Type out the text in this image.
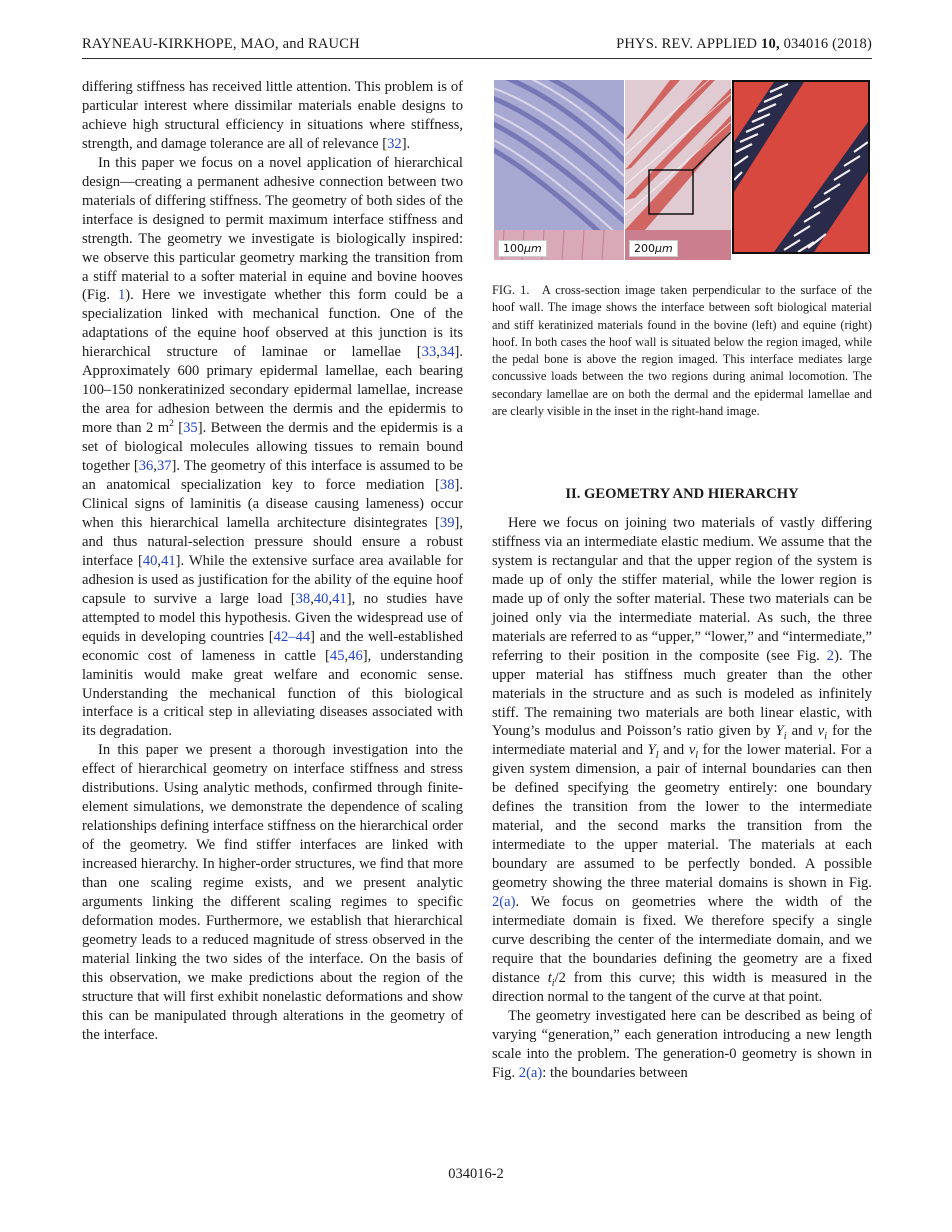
RAYNEAU-KIRKHOPE, MAO, and RAUCH	PHYS. REV. APPLIED 10, 034016 (2018)

differing stiffness has received little attention. This problem is of particular interest where dissimilar materials enable designs to achieve high structural efficiency in situations where stiffness, strength, and damage tolerance are all of relevance [32].

In this paper we focus on a novel application of hierarchical design—creating a permanent adhesive connection between two materials of differing stiffness. The geometry of both sides of the interface is designed to permit maximum interface stiffness and strength. The geometry we investigate is biologically inspired: we observe this particular geometry marking the transition from a stiff material to a softer material in equine and bovine hooves (Fig. 1). Here we investigate whether this form could be a specialization linked with mechanical function. One of the adaptations of the equine hoof observed at this junction is its hierarchical structure of laminae or lamellae [33,34]. Approximately 600 primary epidermal lamellae, each bearing 100–150 nonkeratinized secondary epidermal lamellae, increase the area for adhesion between the dermis and the epidermis to more than 2 $m^2$ [35]. Between the dermis and the epidermis is a set of biological molecules allowing tissues to remain bound together [36,37]. The geometry of this interface is assumed to be an anatomical specialization key to force mediation [38]. Clinical signs of laminitis (a disease causing lameness) occur when this hierarchical lamella architecture disintegrates [39], and thus natural-selection pressure should ensure a robust interface [40,41]. While the extensive surface area available for adhesion is used as justification for the ability of the equine hoof capsule to survive a large load [38,40,41], no studies have attempted to model this hypothesis. Given the widespread use of equids in developing countries [42–44] and the well-established economic cost of lameness in cattle [45,46], understanding laminitis would make great welfare and economic sense. Understanding the mechanical function of this biological interface is a critical step in alleviating diseases associated with its degradation.

In this paper we present a thorough investigation into the effect of hierarchical geometry on interface stiffness and stress distributions. Using analytic methods, confirmed through finite-element simulations, we demonstrate the dependence of scaling relationships defining interface stiffness on the hierarchical order of the geometry. We find stiffer interfaces are linked with increased hierarchy. In higher-order structures, we find that more than one scaling regime exists, and we present analytic arguments linking the different scaling regimes to specific deformation modes. Furthermore, we establish that hierarchical geometry leads to a reduced magnitude of stress observed in the material linking the two sides of the interface. On the basis of this observation, we make predictions about the region of the structure that will first exhibit nonelastic deformations and show this can be manipulated through alterations in the geometry of the interface.

100μm	200μm
FIG. 1. A cross-section image taken perpendicular to the surface of the hoof wall. The image shows the interface between soft biological material and stiff keratinized materials found in the bovine (left) and equine (right) hoof. In both cases the hoof wall is situated below the region imaged, while the pedal bone is above the region imaged. This interface mediates large concussive loads between the two regions during animal locomotion. The secondary lamellae are on both the dermal and the epidermal lamellae and are clearly visible in the inset in the right-hand image.
II. GEOMETRY AND HIERARCHY

Here we focus on joining two materials of vastly differing stiffness via an intermediate elastic medium. We assume that the system is rectangular and that the upper region of the system is made up of only the stiffer material, while the lower region is made up of only the softer material. These two materials can be joined only via the intermediate material. As such, the three materials are referred to as “upper,” “lower,” and “intermediate,” referring to their position in the composite (see Fig. 2). The upper material has stiffness much greater than the other materials in the structure and as such is modeled as infinitely stiff. The remaining two materials are both linear elastic, with Young’s modulus and Poisson’s ratio given by $Y_i$ and $\nu_i$ for the intermediate material and $Y_l$ and $\nu_l$ for the lower material. For a given system dimension, a pair of internal boundaries can then be defined specifying the geometry entirely: one boundary defines the transition from the lower to the intermediate material, and the second marks the transition from the intermediate to the upper material. The materials at each boundary are assumed to be perfectly bonded. A possible geometry showing the three material domains is shown in Fig. 2(a). We focus on geometries where the width of the intermediate domain is fixed. We therefore specify a single curve describing the center of the intermediate domain, and we require that the boundaries defining the geometry are a fixed distance $t_i/2$ from this curve; this width is measured in the direction normal to the tangent of the curve at that point.

The geometry investigated here can be described as being of varying “generation,” each generation introducing a new length scale into the problem. The generation-0 geometry is shown in Fig. 2(a): the boundaries between

034016-2
